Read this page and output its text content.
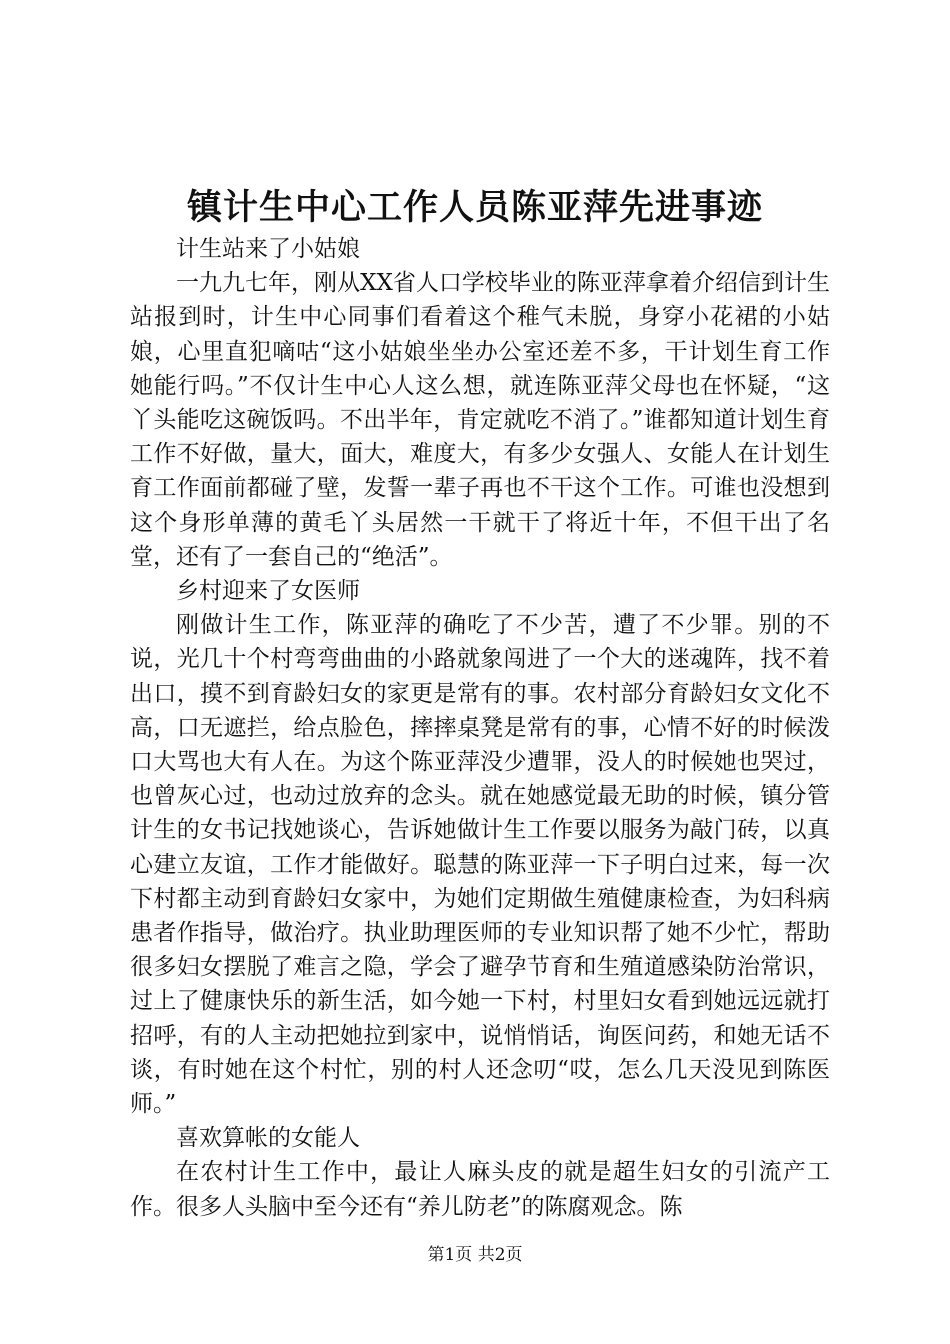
镇计生中心工作人员陈亚萍先进事迹
计生站来了小姑娘
一九九七年，刚从XX省人口学校毕业的陈亚萍拿着介绍信到计生站报到时，计生中心同事们看着这个稚气未脱，身穿小花裙的小姑娘，心里直犯嘀咕“这小姑娘坐坐办公室还差不多，干计划生育工作她能行吗。”不仅计生中心人这么想，就连陈亚萍父母也在怀疑，“这丫头能吃这碗饭吗。不出半年，肯定就吃不消了。”谁都知道计划生育工作不好做，量大，面大，难度大，有多少女强人、女能人在计划生育工作面前都碰了壁，发誓一辈子再也不干这个工作。可谁也没想到这个身形单薄的黄毛丫头居然一干就干了将近十年，不但干出了名堂，还有了一套自己的“绝活”。
乡村迎来了女医师
刚做计生工作，陈亚萍的确吃了不少苦，遭了不少罪。别的不说，光几十个村弯弯曲曲的小路就象闯进了一个大的迷魂阵，找不着出口，摸不到育龄妇女的家更是常有的事。农村部分育龄妇女文化不高，口无遮拦，给点脸色，摔摔桌凳是常有的事，心情不好的时候泼口大骂也大有人在。为这个陈亚萍没少遭罪，没人的时候她也哭过，也曾灰心过，也动过放弃的念头。就在她感觉最无助的时候，镇分管计生的女书记找她谈心，告诉她做计生工作要以服务为敲门砖，以真心建立友谊，工作才能做好。聪慧的陈亚萍一下子明白过来，每一次下村都主动到育龄妇女家中，为她们定期做生殖健康检查，为妇科病患者作指导，做治疗。执业助理医师的专业知识帮了她不少忙，帮助很多妇女摆脱了难言之隐，学会了避孕节育和生殖道感染防治常识，过上了健康快乐的新生活，如今她一下村，村里妇女看到她远远就打招呼，有的人主动把她拉到家中，说悄悄话，询医问药，和她无话不谈，有时她在这个村忙，别的村人还念叨“哎，怎么几天没见到陈医师。”
喜欢算帐的女能人
在农村计生工作中，最让人麻头皮的就是超生妇女的引流产工作。很多人头脑中至今还有“养儿防老”的陈腐观念。陈
第1页 共2页
